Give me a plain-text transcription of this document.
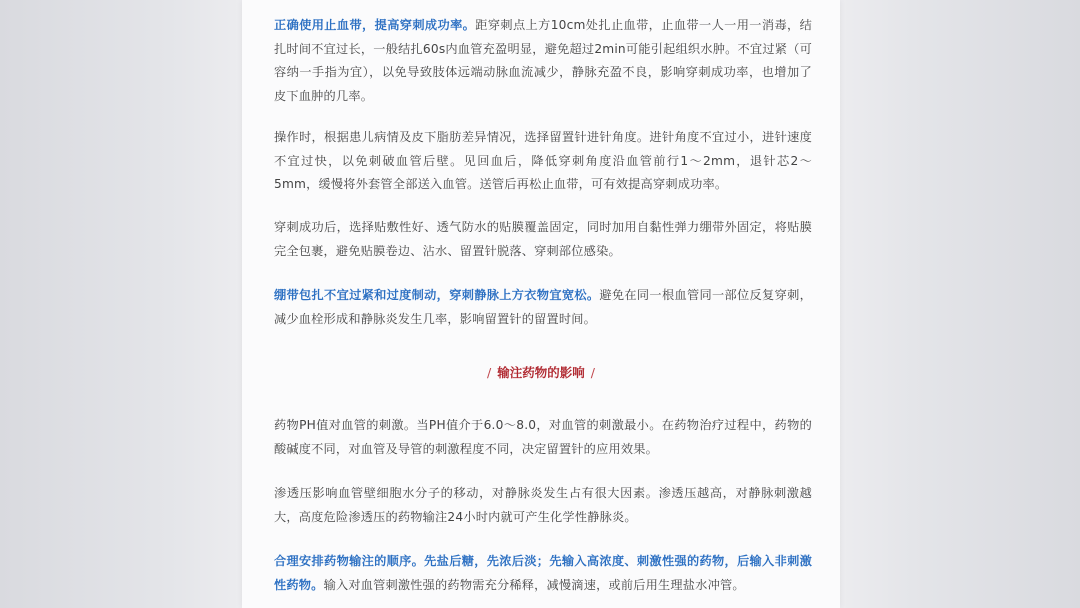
正确使用止血带，提高穿刺成功率。距穿刺点上方10cm处扎止血带，止血带一人一用一消毒，结扎时间不宜过长，一般结扎60s内血管充盈明显，避免超过2min可能引起组织水肿。不宜过紧（可容纳一手指为宜），以免导致肢体远端动脉血流减少，静脉充盈不良，影响穿刺成功率，也增加了皮下血肿的几率。

操作时，根据患儿病情及皮下脂肪差异情况，选择留置针进针角度。进针角度不宜过小，进针速度不宜过快，以免刺破血管后壁。见回血后，降低穿刺角度沿血管前行1～2mm，退针芯2～5mm，缓慢将外套管全部送入血管。送管后再松止血带，可有效提高穿刺成功率。

穿刺成功后，选择贴敷性好、透气防水的贴膜覆盖固定，同时加用自黏性弹力绷带外固定，将贴膜完全包裹，避免贴膜卷边、沾水、留置针脱落、穿刺部位感染。

绷带包扎不宜过紧和过度制动，穿刺静脉上方衣物宜宽松。避免在同一根血管同一部位反复穿刺，减少血栓形成和静脉炎发生几率，影响留置针的留置时间。

/ 输注药物的影响 /

药物PH值对血管的刺激。当PH值介于6.0～8.0，对血管的刺激最小。在药物治疗过程中，药物的酸碱度不同，对血管及导管的刺激程度不同，决定留置针的应用效果。

渗透压影响血管壁细胞水分子的移动，对静脉炎发生占有很大因素。渗透压越高，对静脉刺激越大，高度危险渗透压的药物输注24小时内就可产生化学性静脉炎。

合理安排药物输注的顺序。先盐后糖，先浓后淡；先输入高浓度、刺激性强的药物，后输入非刺激性药物。输入对血管刺激性强的药物需充分稀释，减慢滴速，或前后用生理盐水冲管。
